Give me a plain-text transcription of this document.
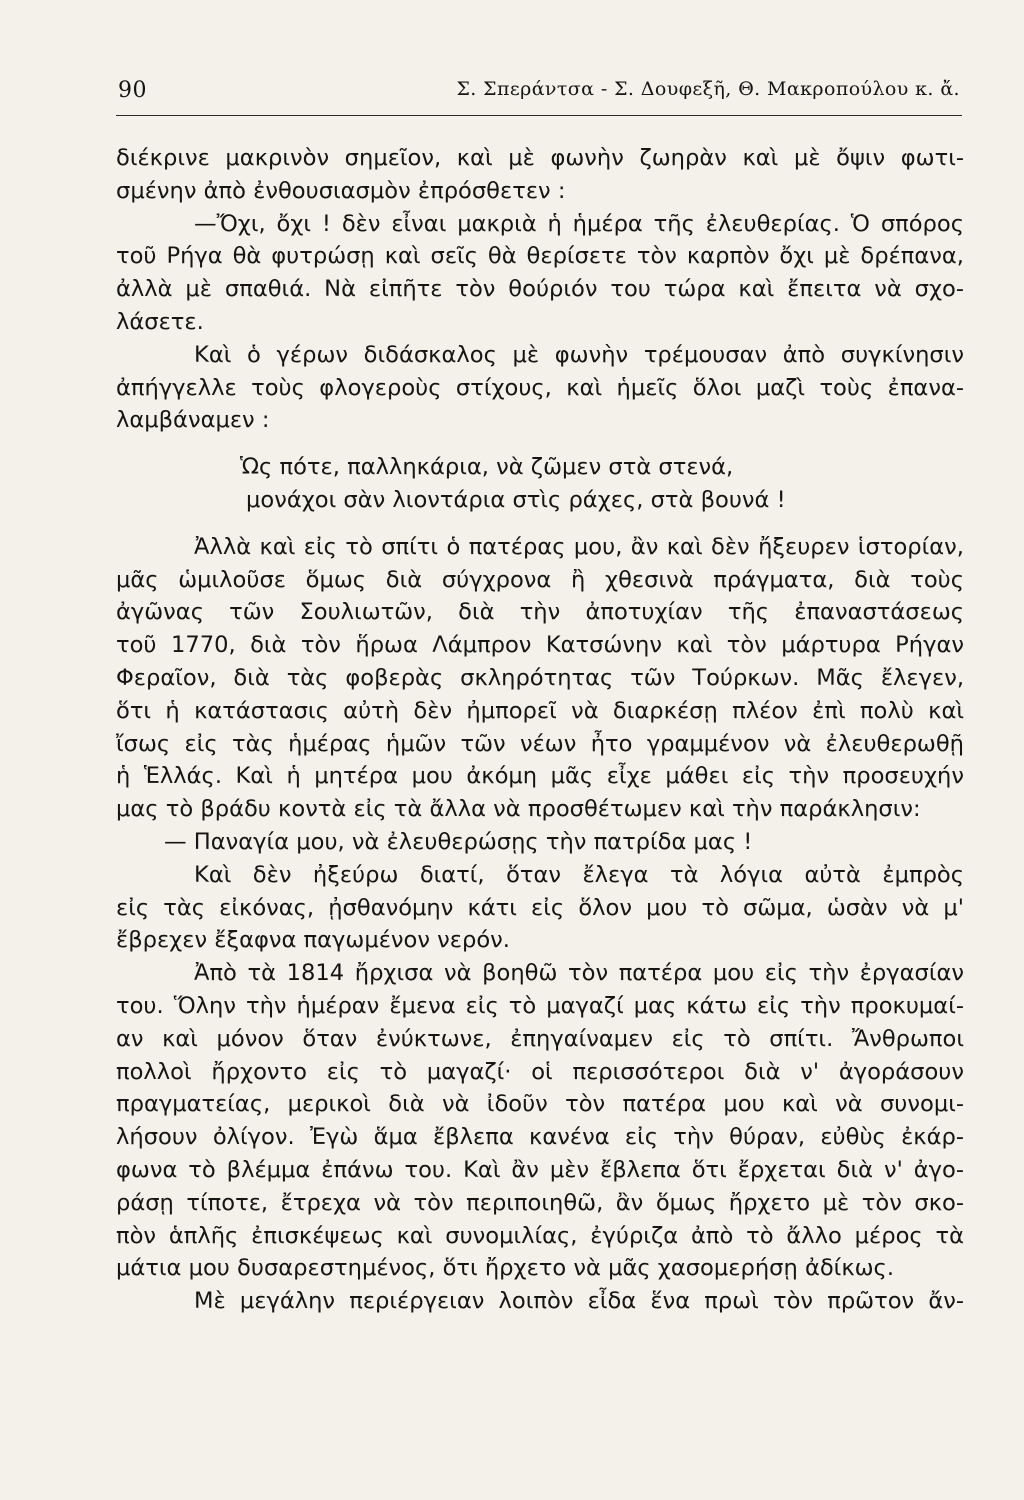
90	Σ. Σπεράντσα - Σ. Δουφεξῆ, Θ. Μακροπούλου κ. ἄ.
διέκρινε μακρινὸν σημεῖον, καὶ μὲ φωνὴν ζωηρὰν καὶ μὲ ὄψιν φωτι-
σμένην ἀπὸ ἐνθουσιασμὸν ἐπρόσθετεν :
—Ὄχι, ὄχι ! δὲν εἶναι μακριὰ ἡ ἡμέρα τῆς ἐλευθερίας. Ὁ σπόρος
τοῦ Ρήγα θὰ φυτρώσῃ καὶ σεῖς θὰ θερίσετε τὸν καρπὸν ὄχι μὲ δρέπανα,
ἀλλὰ μὲ σπαθιά. Νὰ εἰπῆτε τὸν θούριόν του τώρα καὶ ἔπειτα νὰ σχο-
λάσετε.
Καὶ ὁ γέρων διδάσκαλος μὲ φωνὴν τρέμουσαν ἀπὸ συγκίνησιν
ἀπήγγελλε τοὺς φλογεροὺς στίχους, καὶ ἡμεῖς ὅλοι μαζὶ τοὺς ἐπανα-
λαμβάναμεν :
Ὡς πότε, παλληκάρια, νὰ ζῶμεν στὰ στενά,
μονάχοι σὰν λιοντάρια στὶς ράχες, στὰ βουνά !
Ἀλλὰ καὶ εἰς τὸ σπίτι ὁ πατέρας μου, ἂν καὶ δὲν ἤξευρεν ἱστορίαν,
μᾶς ὡμιλοῦσε ὅμως διὰ σύγχρονα ἢ χθεσινὰ πράγματα, διὰ τοὺς
ἀγῶνας τῶν Σουλιωτῶν, διὰ τὴν ἀποτυχίαν τῆς ἐπαναστάσεως
τοῦ 1770, διὰ τὸν ἥρωα Λάμπρον Κατσώνην καὶ τὸν μάρτυρα Ρήγαν
Φεραῖον, διὰ τὰς φοβερὰς σκληρότητας τῶν Τούρκων. Μᾶς ἔλεγεν,
ὅτι ἡ κατάστασις αὐτὴ δὲν ἠμπορεῖ νὰ διαρκέσῃ πλέον ἐπὶ πολὺ καὶ
ἴσως εἰς τὰς ἡμέρας ἡμῶν τῶν νέων ἦτο γραμμένον νὰ ἐλευθερωθῇ
ἡ Ἑλλάς. Καὶ ἡ μητέρα μου ἀκόμη μᾶς εἶχε μάθει εἰς τὴν προσευχήν
μας τὸ βράδυ κοντὰ εἰς τὰ ἄλλα νὰ προσθέτωμεν καὶ τὴν παράκλησιν:
— Παναγία μου, νὰ ἐλευθερώσῃς τὴν πατρίδα μας !
Καὶ δὲν ἠξεύρω διατί, ὅταν ἔλεγα τὰ λόγια αὐτὰ ἐμπρὸς
εἰς τὰς εἰκόνας, ᾐσθανόμην κάτι εἰς ὅλον μου τὸ σῶμα, ὡσὰν νὰ μ'
ἔβρεχεν ἔξαφνα παγωμένον νερόν.
Ἀπὸ τὰ 1814 ἤρχισα νὰ βοηθῶ τὸν πατέρα μου εἰς τὴν ἐργασίαν
του. Ὅλην τὴν ἡμέραν ἔμενα εἰς τὸ μαγαζί μας κάτω εἰς τὴν προκυμαί-
αν καὶ μόνον ὅταν ἐνύκτωνε, ἐπηγαίναμεν εἰς τὸ σπίτι. Ἄνθρωποι
πολλοὶ ἤρχοντο εἰς τὸ μαγαζί· οἱ περισσότεροι διὰ ν' ἀγοράσουν
πραγματείας, μερικοὶ διὰ νὰ ἰδοῦν τὸν πατέρα μου καὶ νὰ συνομι-
λήσουν ὀλίγον. Ἐγὼ ἅμα ἔβλεπα κανένα εἰς τὴν θύραν, εὐθὺς ἐκάρ-
φωνα τὸ βλέμμα ἐπάνω του. Καὶ ἂν μὲν ἔβλεπα ὅτι ἔρχεται διὰ ν' ἀγο-
ράσῃ τίποτε, ἔτρεχα νὰ τὸν περιποιηθῶ, ἂν ὅμως ἤρχετο μὲ τὸν σκο-
πὸν ἁπλῆς ἐπισκέψεως καὶ συνομιλίας, ἐγύριζα ἀπὸ τὸ ἄλλο μέρος τὰ
μάτια μου δυσαρεστημένος, ὅτι ἤρχετο νὰ μᾶς χασομερήσῃ ἀδίκως.
Μὲ μεγάλην περιέργειαν λοιπὸν εἶδα ἕνα πρωὶ τὸν πρῶτον ἄν-
